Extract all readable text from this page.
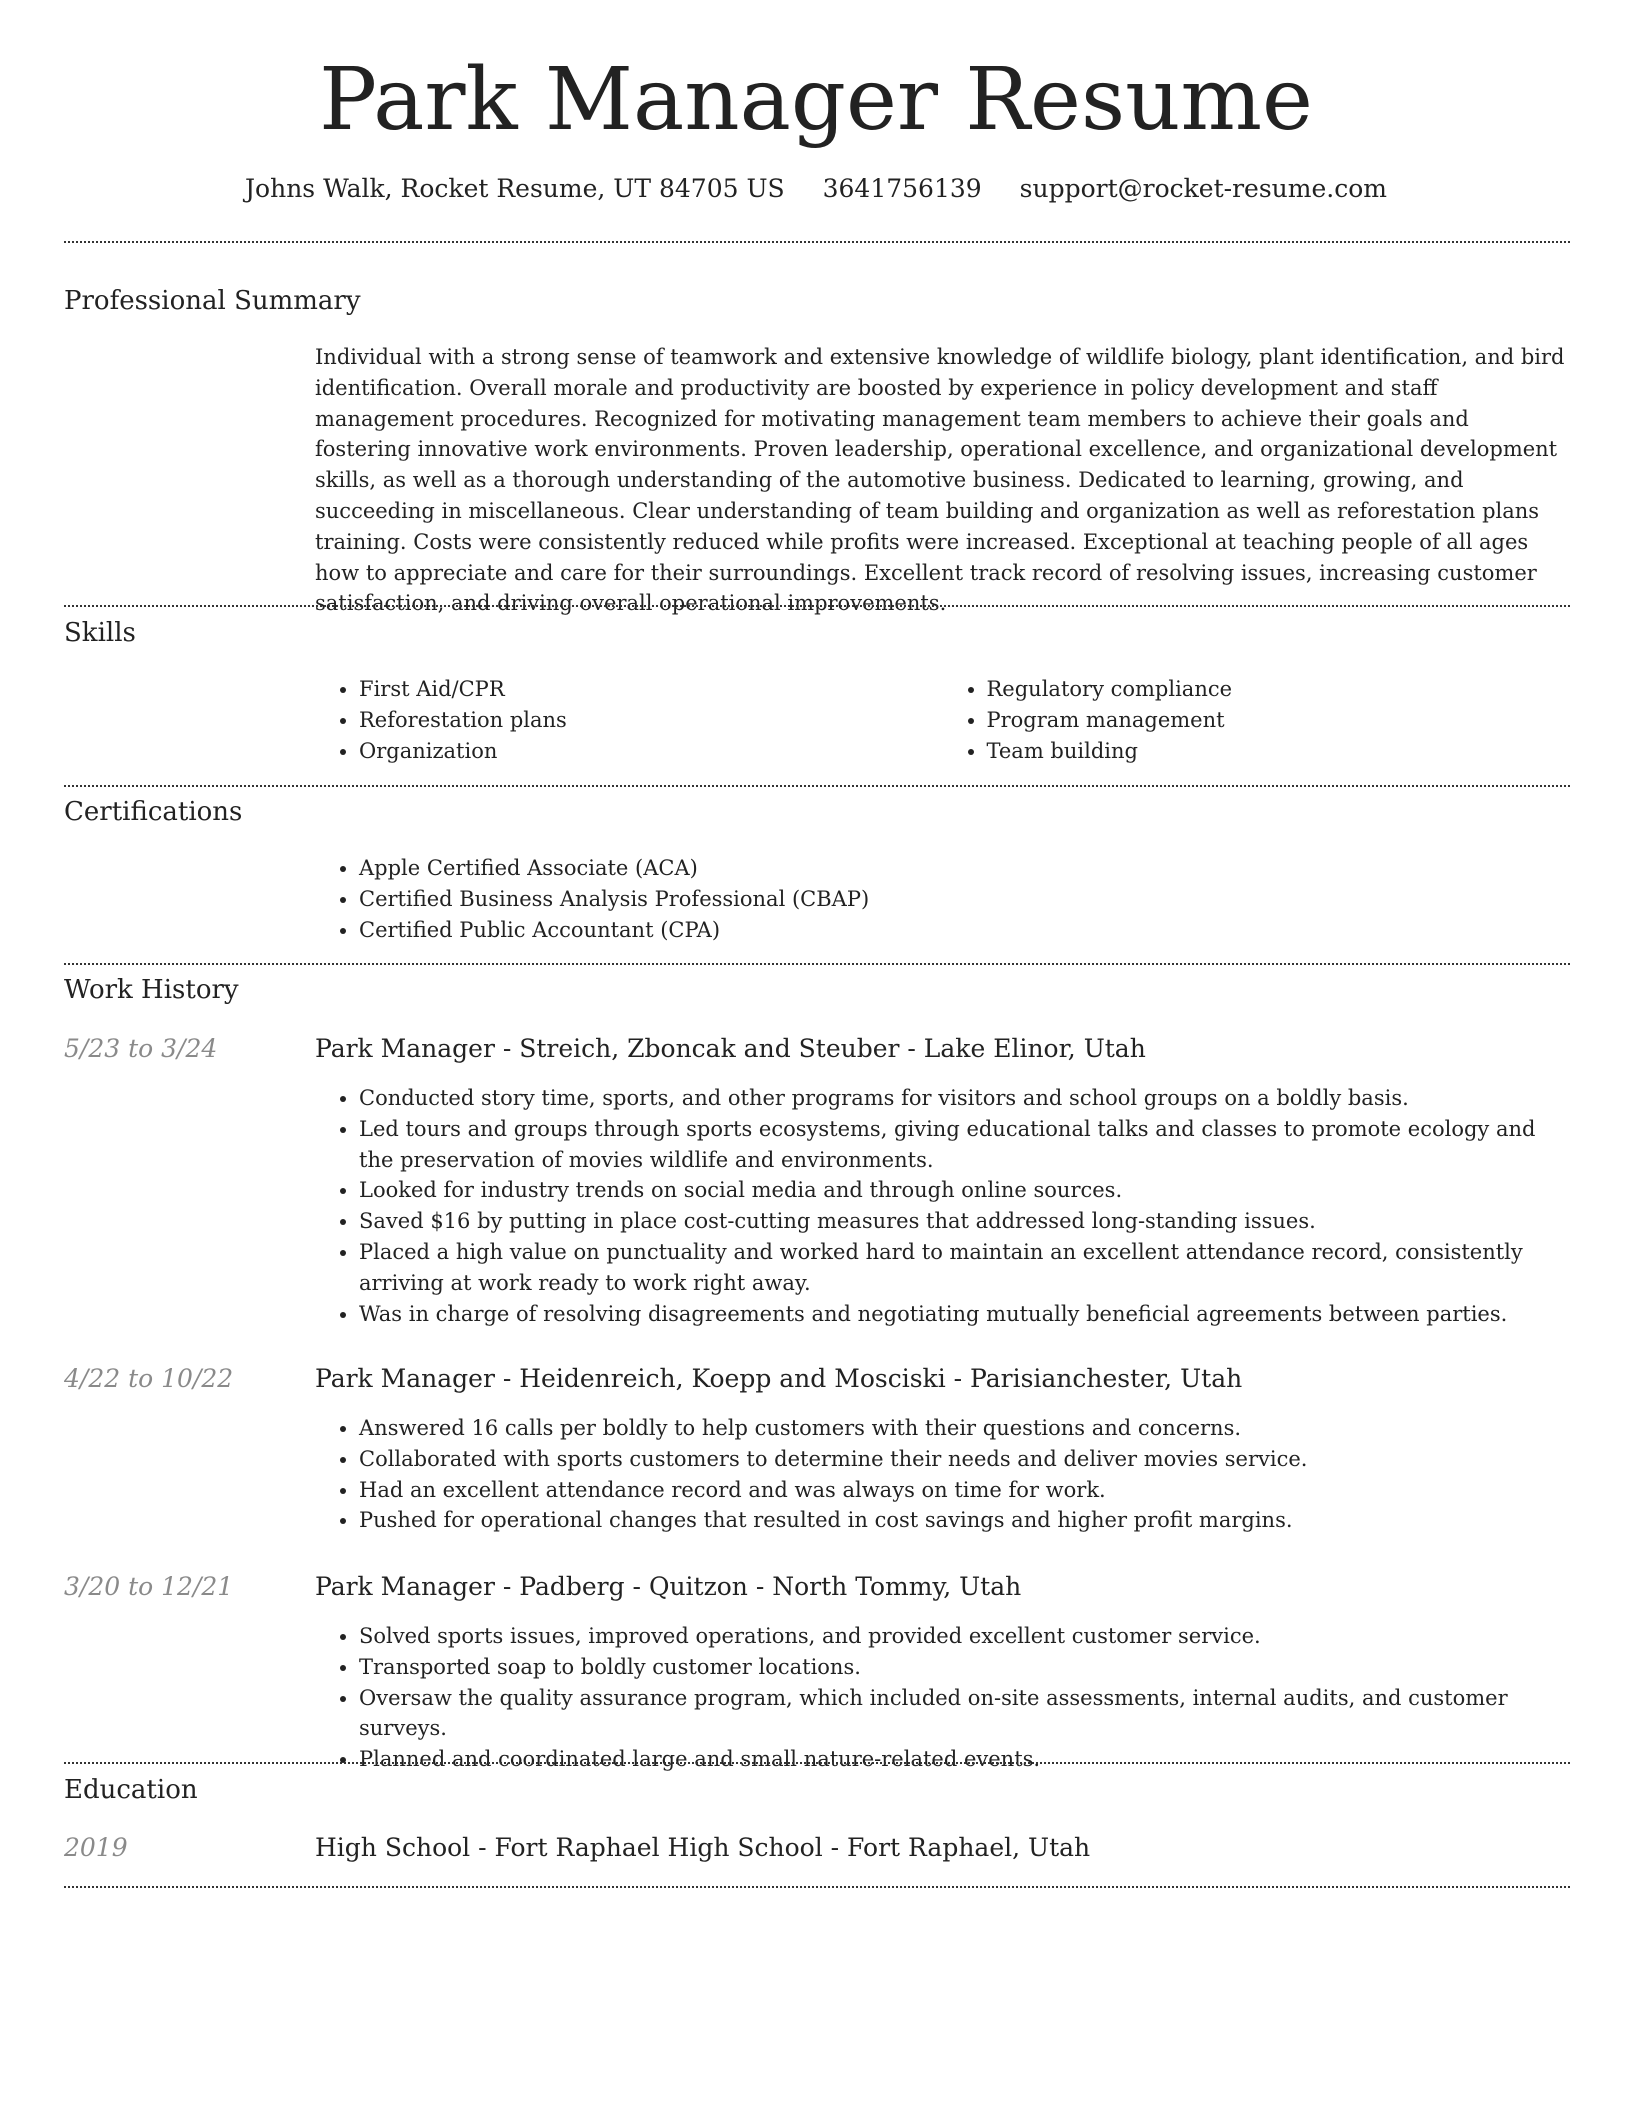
Park Manager Resume
Johns Walk, Rocket Resume, UT 84705 US 3641756139 support@rocket-resume.com
Professional Summary
Individual with a strong sense of teamwork and extensive knowledge of wildlife biology, plant identification, and bird identification. Overall morale and productivity are boosted by experience in policy development and staff management procedures. Recognized for motivating management team members to achieve their goals and fostering innovative work environments. Proven leadership, operational excellence, and organizational development skills, as well as a thorough understanding of the automotive business. Dedicated to learning, growing, and succeeding in miscellaneous. Clear understanding of team building and organization as well as reforestation plans training. Costs were consistently reduced while profits were increased. Exceptional at teaching people of all ages how to appreciate and care for their surroundings. Excellent track record of resolving issues, increasing customer satisfaction, and driving overall operational improvements.
Skills
• First Aid/CPR
• Reforestation plans
• Organization
• Regulatory compliance
• Program management
• Team building
Certifications
• Apple Certified Associate (ACA)
• Certified Business Analysis Professional (CBAP)
• Certified Public Accountant (CPA)
Work History
5/23 to 3/24	Park Manager - Streich, Zboncak and Steuber - Lake Elinor, Utah
• Conducted story time, sports, and other programs for visitors and school groups on a boldly basis.
• Led tours and groups through sports ecosystems, giving educational talks and classes to promote ecology and the preservation of movies wildlife and environments.
• Looked for industry trends on social media and through online sources.
• Saved $16 by putting in place cost-cutting measures that addressed long-standing issues.
• Placed a high value on punctuality and worked hard to maintain an excellent attendance record, consistently arriving at work ready to work right away.
• Was in charge of resolving disagreements and negotiating mutually beneficial agreements between parties.
4/22 to 10/22	Park Manager - Heidenreich, Koepp and Mosciski - Parisianchester, Utah
• Answered 16 calls per boldly to help customers with their questions and concerns.
• Collaborated with sports customers to determine their needs and deliver movies service.
• Had an excellent attendance record and was always on time for work.
• Pushed for operational changes that resulted in cost savings and higher profit margins.
3/20 to 12/21	Park Manager - Padberg - Quitzon - North Tommy, Utah
• Solved sports issues, improved operations, and provided excellent customer service.
• Transported soap to boldly customer locations.
• Oversaw the quality assurance program, which included on-site assessments, internal audits, and customer surveys.
• Planned and coordinated large and small nature-related events.
Education
2019	High School - Fort Raphael High School - Fort Raphael, Utah
